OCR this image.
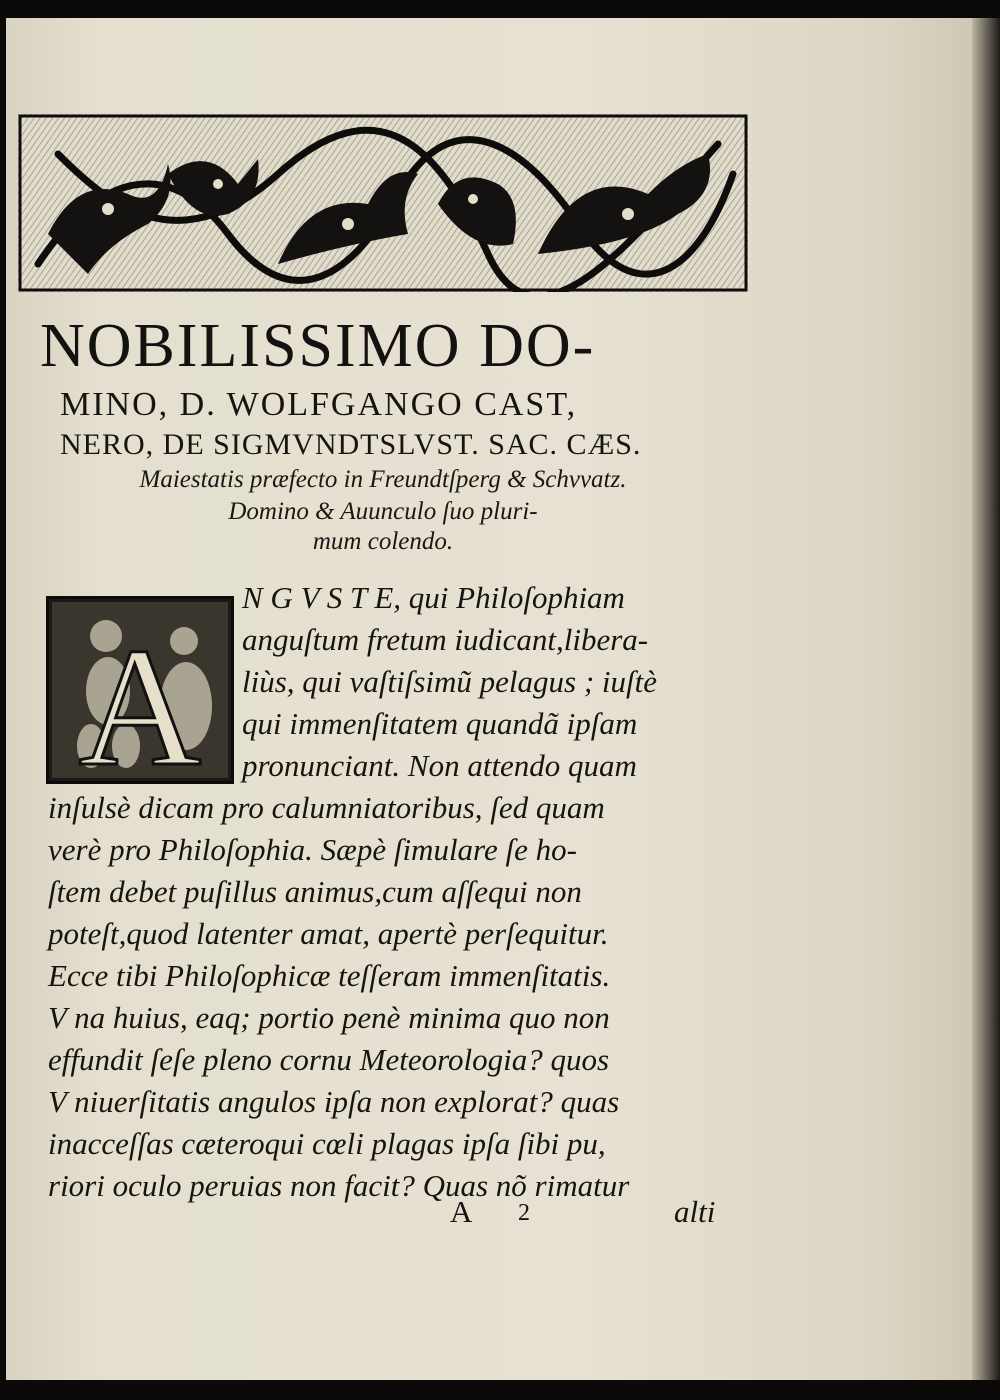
NOBILISSIMO DO-
MINO, D. WOLFGANGO CAST,
NERO, DE SIGMVNDTSLVST. SAC. CÆS.
Maiestatis præfecto in Freundtſperg & Schvvatz.
Domino & Auunculo ſuo pluri-
mum colendo.
A
N G V S T E, qui Philoſophiam
anguſtum fretum iudicant,libera-
liùs, qui vaſtiſsimũ pelagus ; iuſtè
qui immenſitatem quandã ipſam
pronunciant. Non attendo quam
inſulsè dicam pro calumniatoribus, ſed quam
verè pro Philoſophia. Sæpè ſimulare ſe ho-
ſtem debet puſillus animus,cum aſſequi non
poteſt,quod latenter amat, apertè perſequitur.
Ecce tibi Philoſophicæ teſſeram immenſitatis.
V na huius, eaq; portio penè minima quo non
effundit ſeſe pleno cornu Meteorologia? quos
V niuerſitatis angulos ipſa non explorat? quas
inacceſſas cæteroqui cœli plagas ipſa ſibi pu,
riori oculo peruias non facit? Quas nõ rimatur
A 2	alti
